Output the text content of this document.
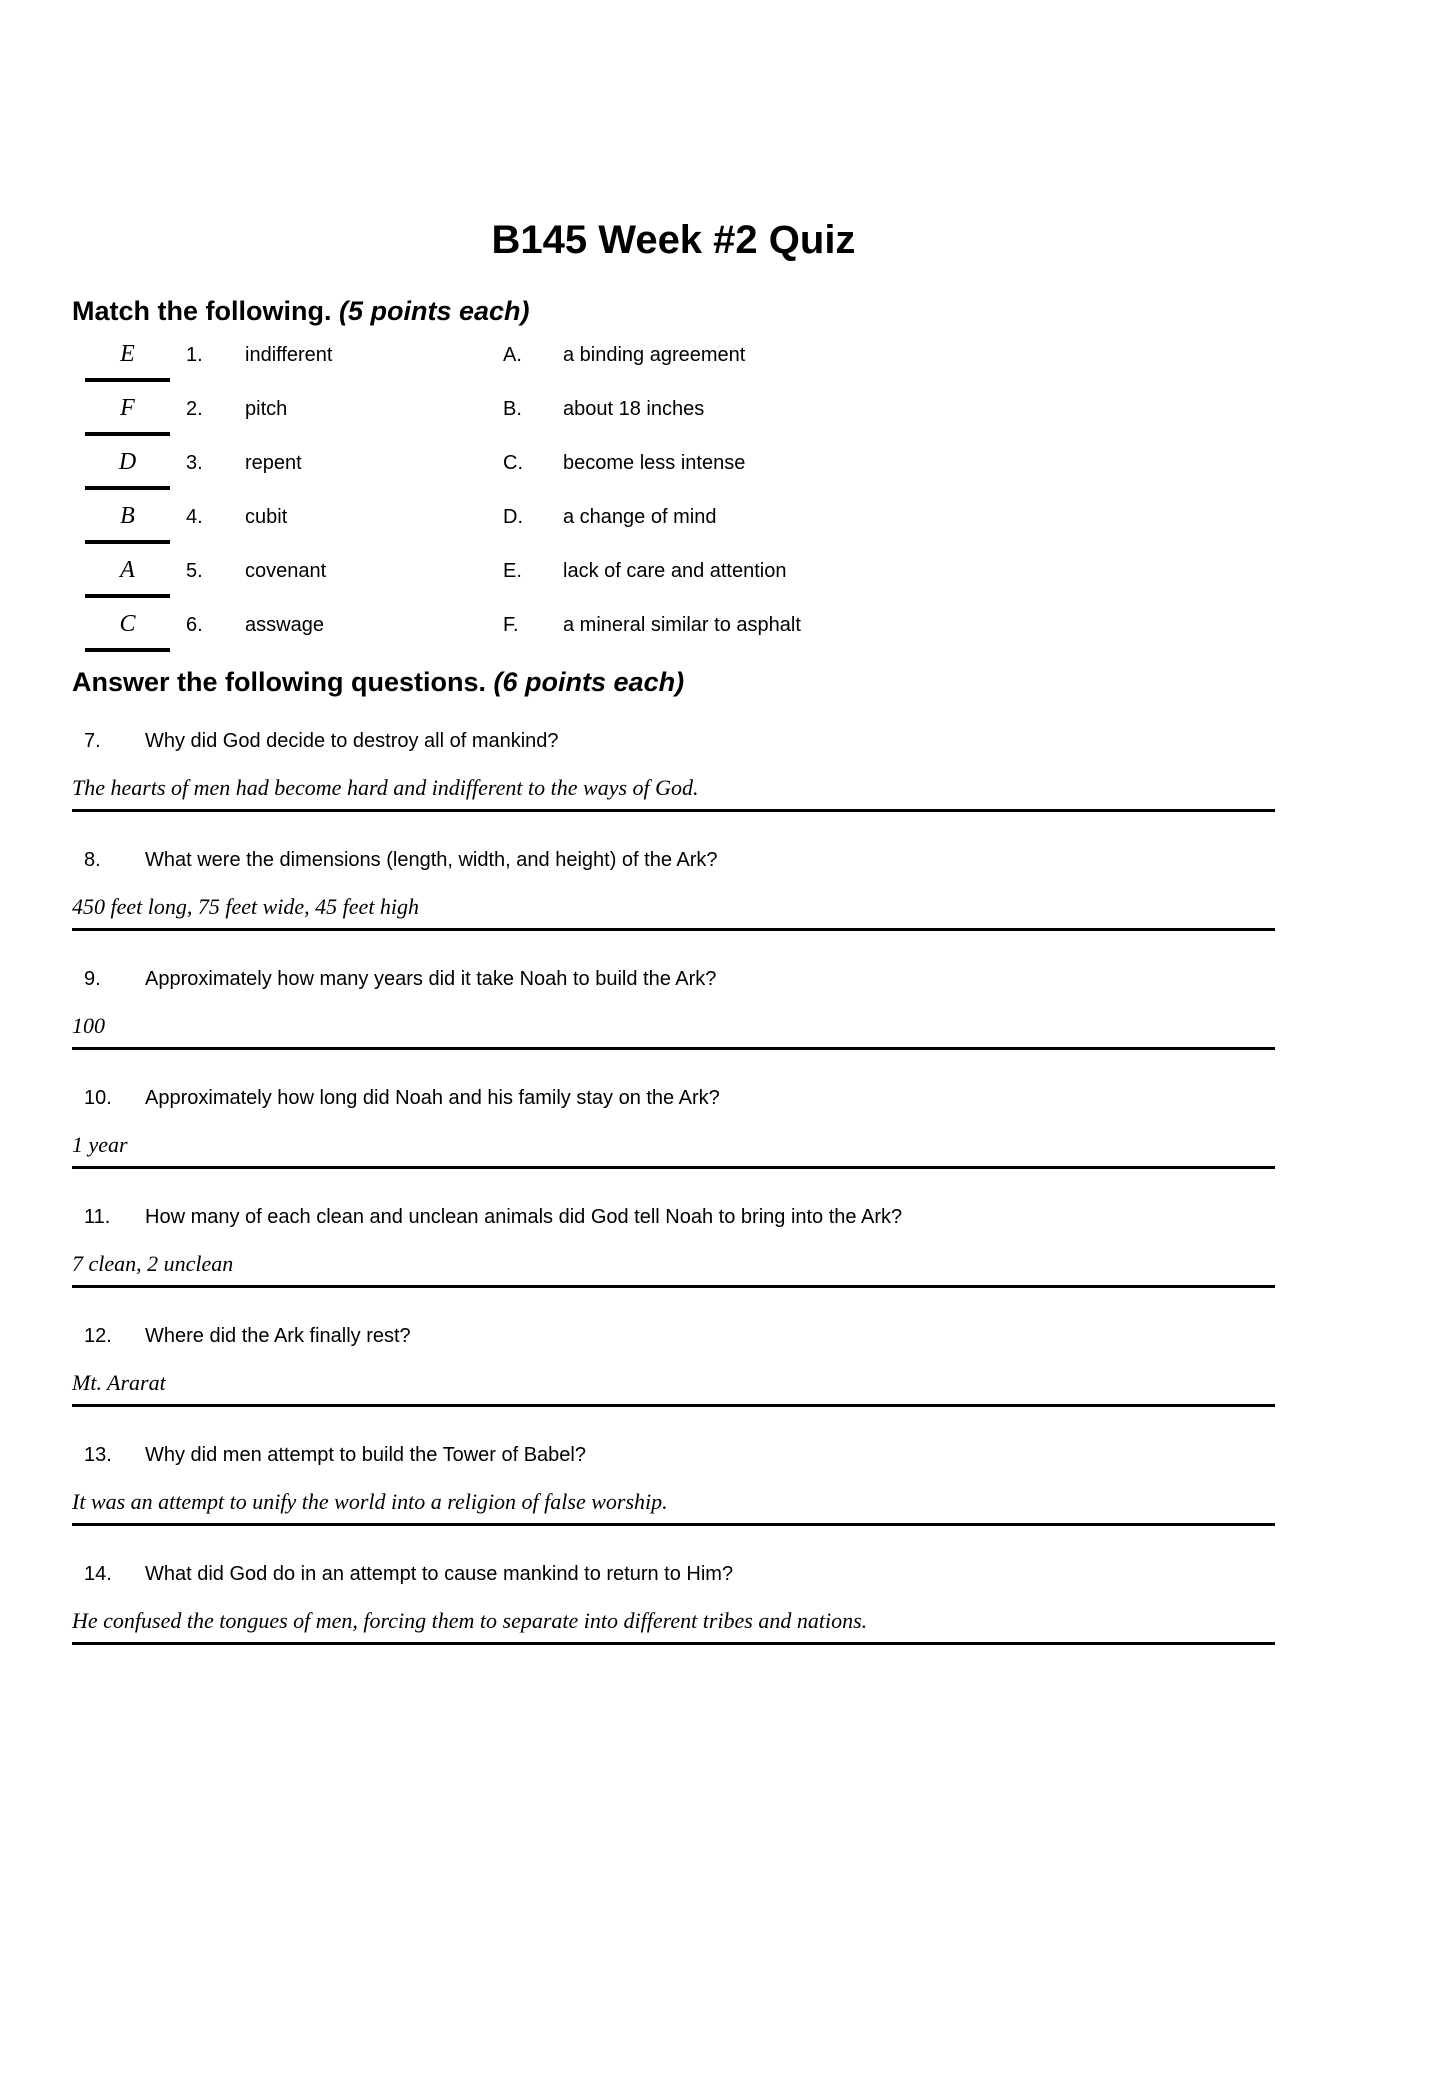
B145 Week #2 Quiz
Match the following. (5 points each)
E	1.	indifferent	A.	a binding agreement
F	2.	pitch	B.	about 18 inches
D	3.	repent	C.	become less intense
B	4.	cubit	D.	a change of mind
A	5.	covenant	E.	lack of care and attention
C	6.	asswage	F.	a mineral similar to asphalt
Answer the following questions. (6 points each)
7.	Why did God decide to destroy all of mankind?
The hearts of men had become hard and indifferent to the ways of God.
8.	What were the dimensions (length, width, and height) of the Ark?
450 feet long, 75 feet wide, 45 feet high
9.	Approximately how many years did it take Noah to build the Ark?
100
10.	Approximately how long did Noah and his family stay on the Ark?
1 year
11.	How many of each clean and unclean animals did God tell Noah to bring into the Ark?
7 clean, 2 unclean
12.	Where did the Ark finally rest?
Mt. Ararat
13.	Why did men attempt to build the Tower of Babel?
It was an attempt to unify the world into a religion of false worship.
14.	What did God do in an attempt to cause mankind to return to Him?
He confused the tongues of men, forcing them to separate into different tribes and nations.
